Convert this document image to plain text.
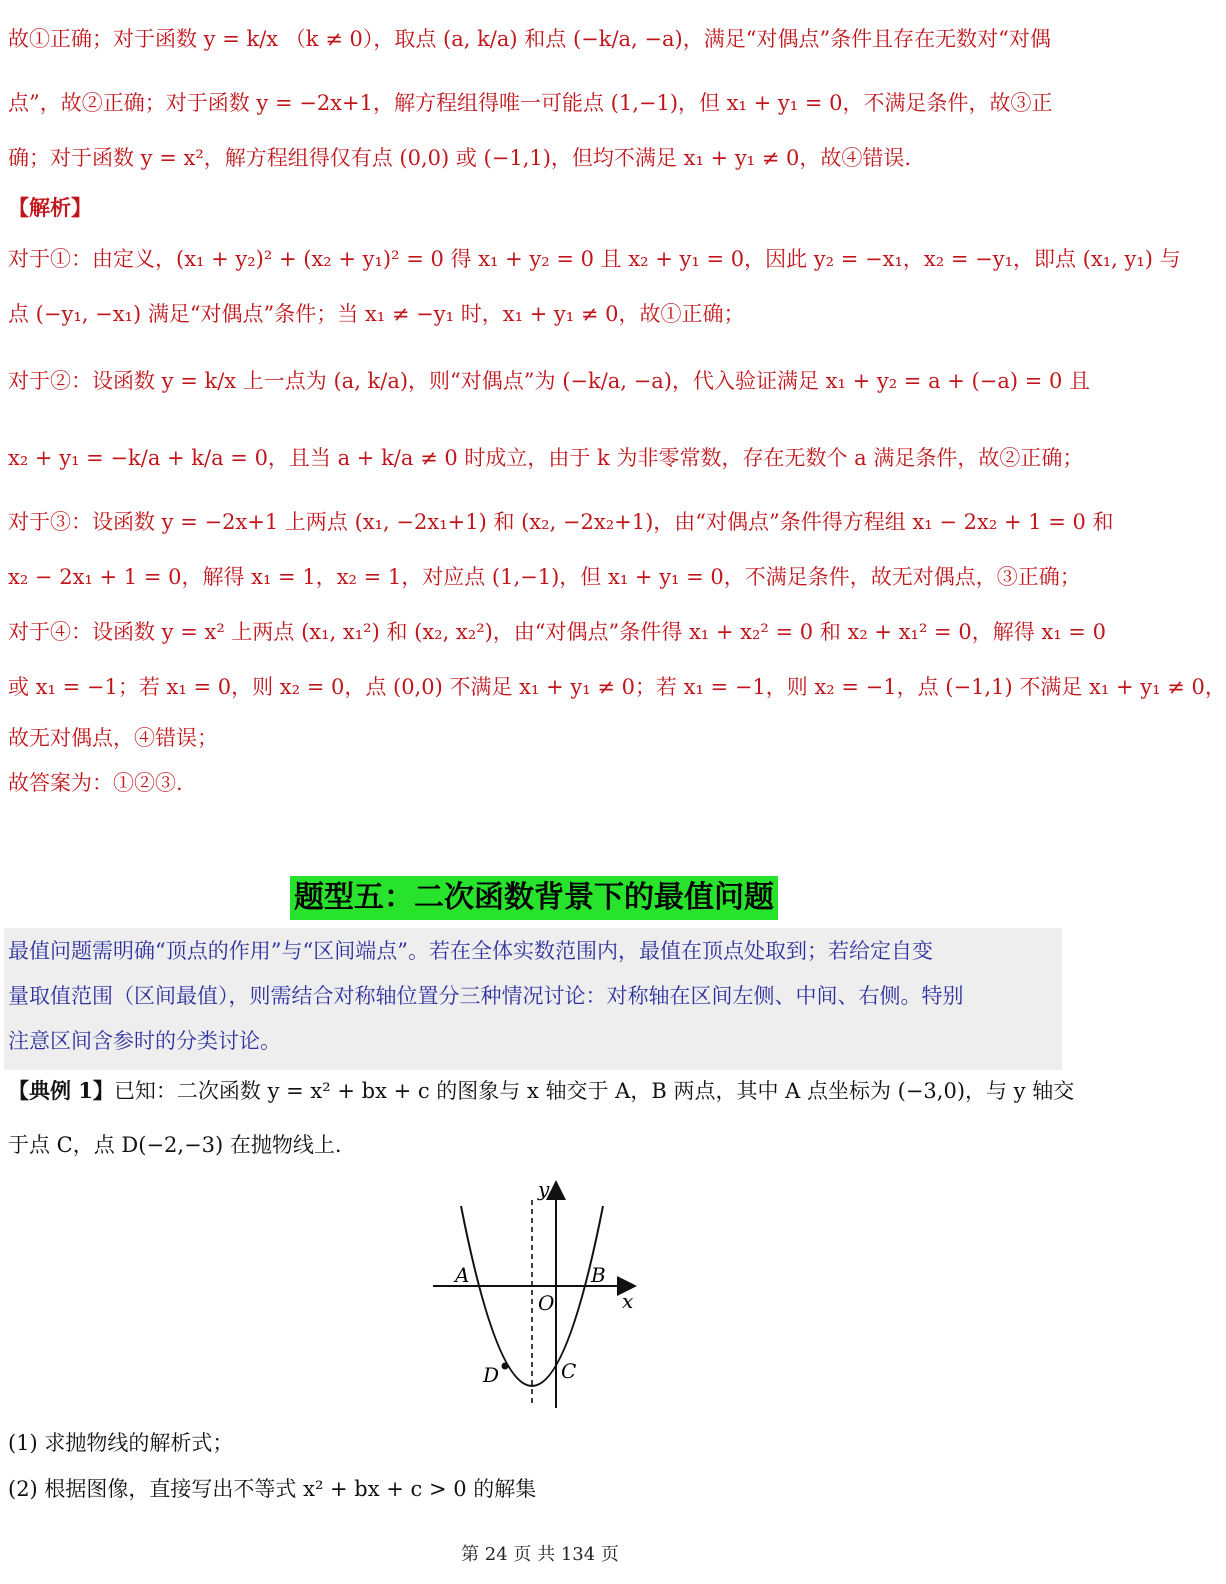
故①正确；对于函数 y = k/x （k ≠ 0），取点 (a, k/a) 和点 (−k/a, −a)，满足“对偶点”条件且存在无数对“对偶
点”，故②正确；对于函数 y = −2x+1，解方程组得唯一可能点 (1,−1)，但 x₁ + y₁ = 0，不满足条件，故③正
确；对于函数 y = x²，解方程组得仅有点 (0,0) 或 (−1,1)，但均不满足 x₁ + y₁ ≠ 0，故④错误.
【解析】
对于①：由定义，(x₁ + y₂)² + (x₂ + y₁)² = 0 得 x₁ + y₂ = 0 且 x₂ + y₁ = 0，因此 y₂ = −x₁，x₂ = −y₁，即点 (x₁, y₁) 与
点 (−y₁, −x₁) 满足“对偶点”条件；当 x₁ ≠ −y₁ 时，x₁ + y₁ ≠ 0，故①正确；
对于②：设函数 y = k/x 上一点为 (a, k/a)，则“对偶点”为 (−k/a, −a)，代入验证满足 x₁ + y₂ = a + (−a) = 0 且
x₂ + y₁ = −k/a + k/a = 0，且当 a + k/a ≠ 0 时成立，由于 k 为非零常数，存在无数个 a 满足条件，故②正确；
对于③：设函数 y = −2x+1 上两点 (x₁, −2x₁+1) 和 (x₂, −2x₂+1)，由“对偶点”条件得方程组 x₁ − 2x₂ + 1 = 0 和
x₂ − 2x₁ + 1 = 0，解得 x₁ = 1，x₂ = 1，对应点 (1,−1)，但 x₁ + y₁ = 0，不满足条件，故无对偶点，③正确；
对于④：设函数 y = x² 上两点 (x₁, x₁²) 和 (x₂, x₂²)，由“对偶点”条件得 x₁ + x₂² = 0 和 x₂ + x₁² = 0，解得 x₁ = 0
或 x₁ = −1；若 x₁ = 0，则 x₂ = 0，点 (0,0) 不满足 x₁ + y₁ ≠ 0；若 x₁ = −1，则 x₂ = −1，点 (−1,1) 不满足 x₁ + y₁ ≠ 0，
故无对偶点，④错误；
故答案为：①②③.
题型五：二次函数背景下的最值问题
最值问题需明确“顶点的作用”与“区间端点”。若在全体实数范围内，最值在顶点处取到；若给定自变
量取值范围（区间最值），则需结合对称轴位置分三种情况讨论：对称轴在区间左侧、中间、右侧。特别
注意区间含参时的分类讨论。
【典例 1】已知：二次函数 y = x² + bx + c 的图象与 x 轴交于 A，B 两点，其中 A 点坐标为 (−3,0)，与 y 轴交
于点 C，点 D(−2,−3) 在抛物线上.
y
x
A	B
O
C
D
(1) 求抛物线的解析式；
(2) 根据图像，直接写出不等式 x² + bx + c > 0 的解集
第 24 页 共 134 页
